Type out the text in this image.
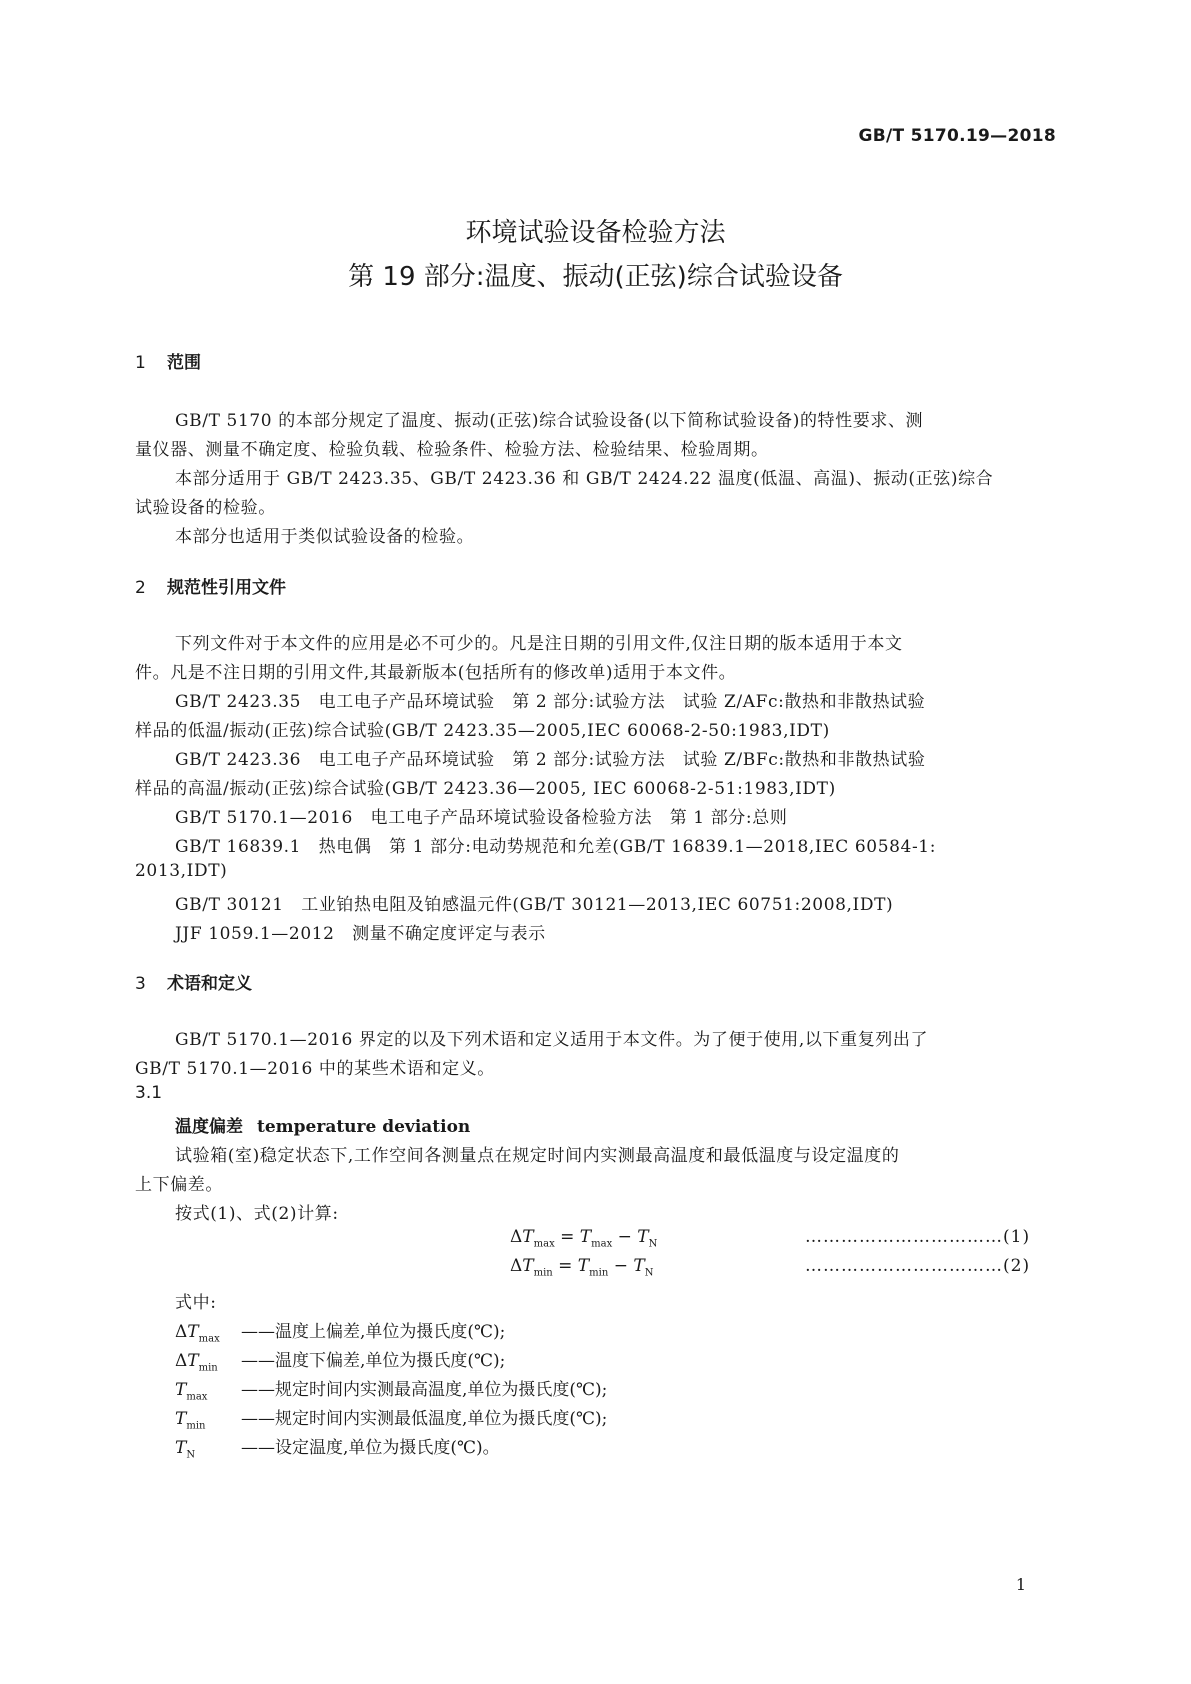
GB/T 5170.19—2018
环境试验设备检验方法
第 19 部分:温度、振动(正弦)综合试验设备
1 范围
GB/T 5170 的本部分规定了温度、振动(正弦)综合试验设备(以下简称试验设备)的特性要求、测
量仪器、测量不确定度、检验负载、检验条件、检验方法、检验结果、检验周期。
本部分适用于 GB/T 2423.35、GB/T 2423.36 和 GB/T 2424.22 温度(低温、高温)、振动(正弦)综合
试验设备的检验。
本部分也适用于类似试验设备的检验。
2 规范性引用文件
下列文件对于本文件的应用是必不可少的。凡是注日期的引用文件,仅注日期的版本适用于本文
件。凡是不注日期的引用文件,其最新版本(包括所有的修改单)适用于本文件。
GB/T 2423.35　电工电子产品环境试验　第 2 部分:试验方法　试验 Z/AFc:散热和非散热试验
样品的低温/振动(正弦)综合试验(GB/T 2423.35—2005,IEC 60068-2-50:1983,IDT)
GB/T 2423.36　电工电子产品环境试验　第 2 部分:试验方法　试验 Z/BFc:散热和非散热试验
样品的高温/振动(正弦)综合试验(GB/T 2423.36—2005, IEC 60068-2-51:1983,IDT)
GB/T 5170.1—2016　电工电子产品环境试验设备检验方法　第 1 部分:总则
GB/T 16839.1　热电偶　第 1 部分:电动势规范和允差(GB/T 16839.1—2018,IEC 60584-1:
2013,IDT)
GB/T 30121　工业铂热电阻及铂感温元件(GB/T 30121—2013,IEC 60751:2008,IDT)
JJF 1059.1—2012　测量不确定度评定与表示
3 术语和定义
GB/T 5170.1—2016 界定的以及下列术语和定义适用于本文件。为了便于使用,以下重复列出了
GB/T 5170.1—2016 中的某些术语和定义。
3.1
温度偏差 temperature deviation
试验箱(室)稳定状态下,工作空间各测量点在规定时间内实测最高温度和最低温度与设定温度的
上下偏差。
按式(1)、式(2)计算:
$\Delta T_{max} = T_{max} - T_N$	……………………………(1)
$\Delta T_{min} = T_{min} - T_N$	……………………………(2)
式中:
$\Delta T_{max}$ ——温度上偏差,单位为摄氏度(℃);
$\Delta T_{min}$ ——温度下偏差,单位为摄氏度(℃);
$T_{max}$ ——规定时间内实测最高温度,单位为摄氏度(℃);
$T_{min}$ ——规定时间内实测最低温度,单位为摄氏度(℃);
$T_N$	——设定温度,单位为摄氏度(℃)。
1
